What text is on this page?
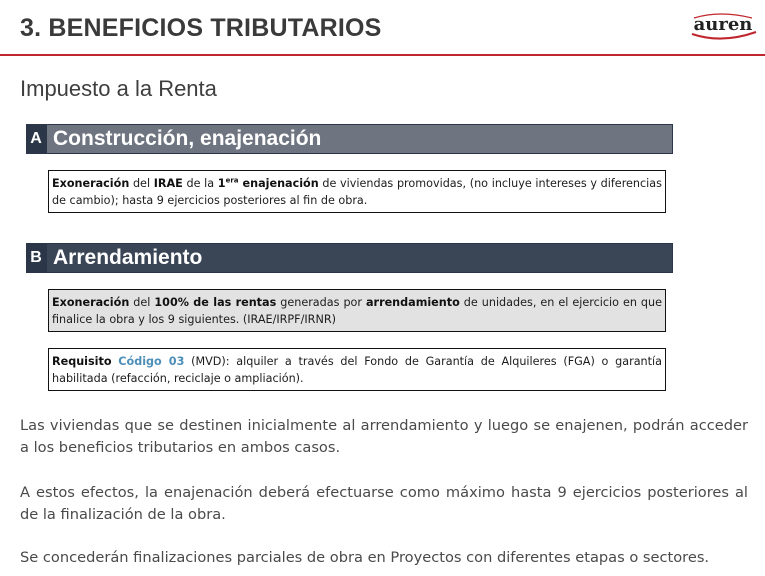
3. BENEFICIOS TRIBUTARIOS	auren
Impuesto a la Renta
A Construcción, enajenación
Exoneración del IRAE de la $1^{era}$ enajenación de viviendas promovidas, (no incluye intereses y diferencias de cambio); hasta 9 ejercicios posteriores al fin de obra.
B Arrendamiento
Exoneración del 100% de las rentas generadas por arrendamiento de unidades, en el ejercicio en que finalice la obra y los 9 siguientes. (IRAE/IRPF/IRNR)
Requisito Código 03 (MVD): alquiler a través del Fondo de Garantía de Alquileres (FGA) o garantía habilitada (refacción, reciclaje o ampliación).
Las viviendas que se destinen inicialmente al arrendamiento y luego se enajenen, podrán acceder a los beneficios tributarios en ambos casos.
A estos efectos, la enajenación deberá efectuarse como máximo hasta 9 ejercicios posteriores al de la finalización de la obra.
Se concederán finalizaciones parciales de obra en Proyectos con diferentes etapas o sectores.
